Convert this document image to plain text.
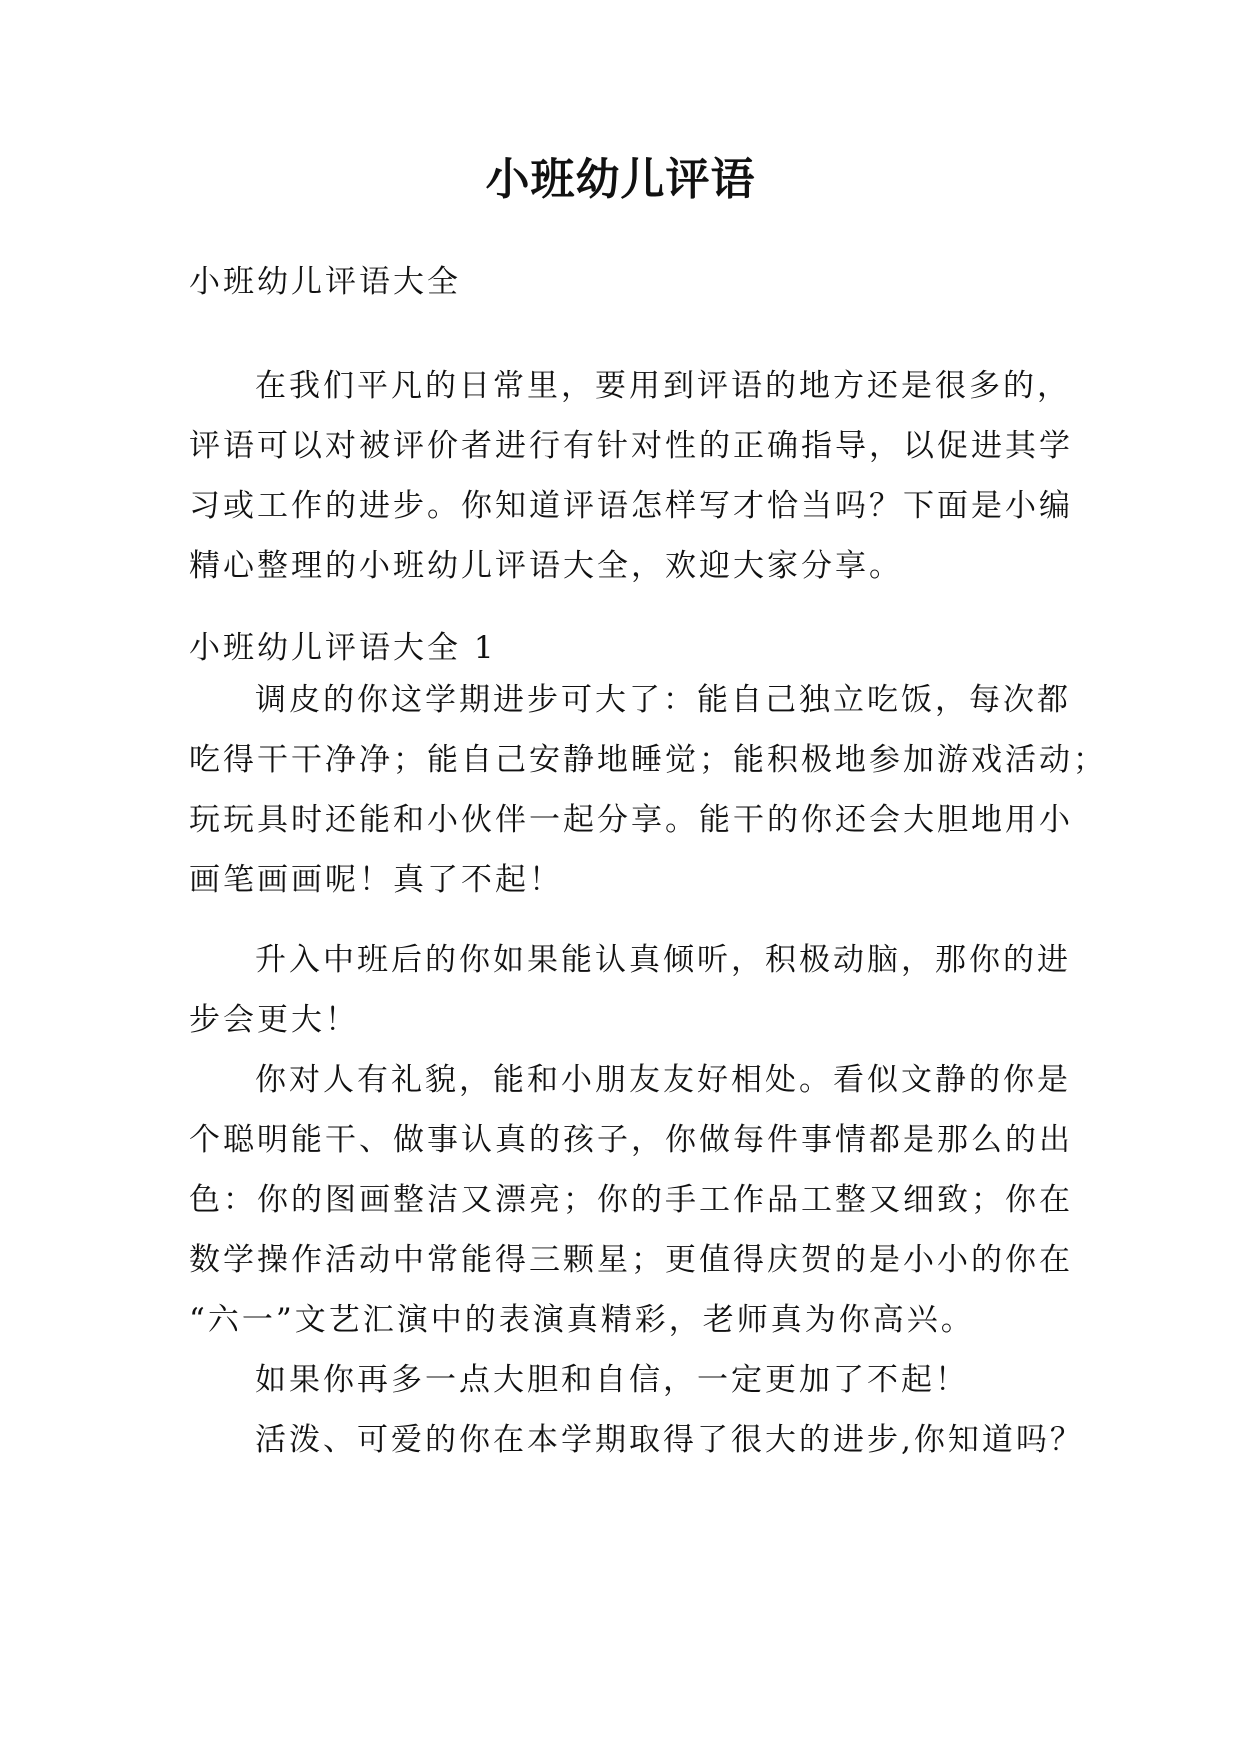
小班幼儿评语
小班幼儿评语大全
在我们平凡的日常里，要用到评语的地方还是很多的，
评语可以对被评价者进行有针对性的正确指导，以促进其学
习或工作的进步。你知道评语怎样写才恰当吗？下面是小编
精心整理的小班幼儿评语大全，欢迎大家分享。
小班幼儿评语大全 1
调皮的你这学期进步可大了：能自己独立吃饭，每次都
吃得干干净净；能自己安静地睡觉；能积极地参加游戏活动；
玩玩具时还能和小伙伴一起分享。能干的你还会大胆地用小
画笔画画呢！真了不起！
升入中班后的你如果能认真倾听，积极动脑，那你的进
步会更大！
你对人有礼貌，能和小朋友友好相处。看似文静的你是
个聪明能干、做事认真的孩子，你做每件事情都是那么的出
色：你的图画整洁又漂亮；你的手工作品工整又细致；你在
数学操作活动中常能得三颗星；更值得庆贺的是小小的你在
“六一”文艺汇演中的表演真精彩，老师真为你高兴。
如果你再多一点大胆和自信，一定更加了不起！
活泼、可爱的你在本学期取得了很大的进步,你知道吗？
